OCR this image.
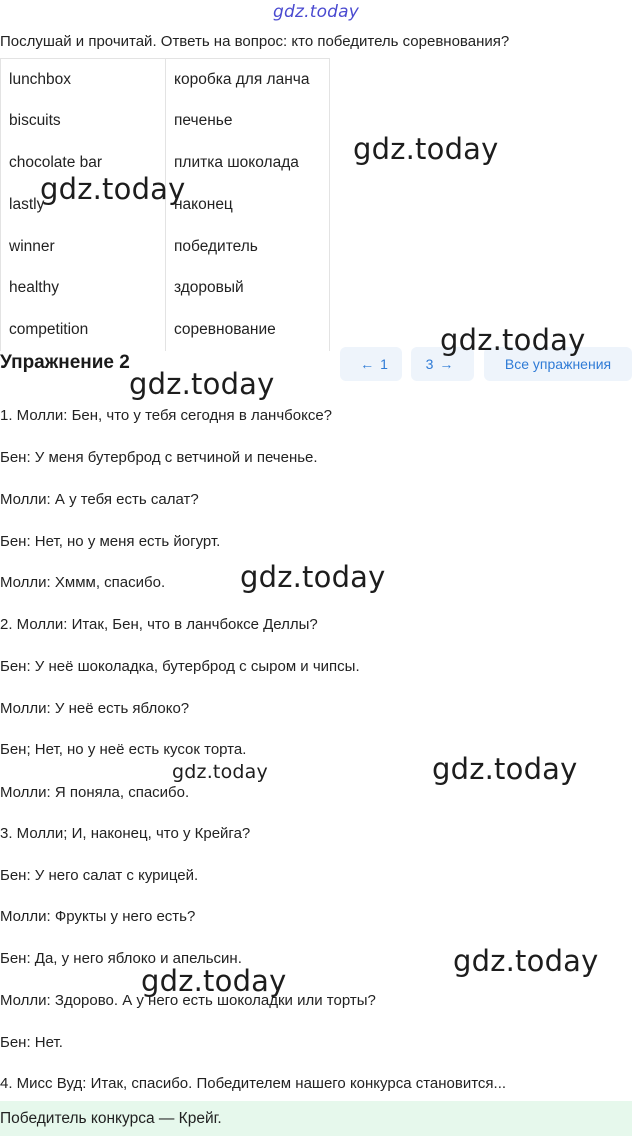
gdz.today
Послушай и прочитай. Ответь на вопрос: кто победитель соревнования?
lunchbox	коробка для ланча
biscuits	печенье
chocolate bar	плитка шоколада
lastly	наконец
winner	победитель
healthy	здоровый
competition	соревнование
Упражнение 2	← 1	3 →	Все упражнения
1. Молли: Бен, что у тебя сегодня в ланчбоксе?
Бен: У меня бутерброд с ветчиной и печенье.
Молли: А у тебя есть салат?
Бен: Нет, но у меня есть йогурт.
Молли: Хммм, спасибо.
2. Молли: Итак, Бен, что в ланчбоксе Деллы?
Бен: У неё шоколадка, бутерброд с сыром и чипсы.
Молли: У неё есть яблоко?
Бен; Нет, но у неё есть кусок торта.
Молли: Я поняла, спасибо.
3. Молли; И, наконец, что у Крейга?
Бен: У него салат с курицей.
Молли: Фрукты у него есть?
Бен: Да, у него яблоко и апельсин.
Молли: Здорово. А у него есть шоколадки или торты?
Бен: Нет.
4. Мисс Вуд: Итак, спасибо. Победителем нашего конкурса становится...
Победитель конкурса — Крейг.
gdz.today
gdz.today
gdz.today
gdz.today
gdz.today
gdz.today	gdz.today
gdz.today
gdz.today
